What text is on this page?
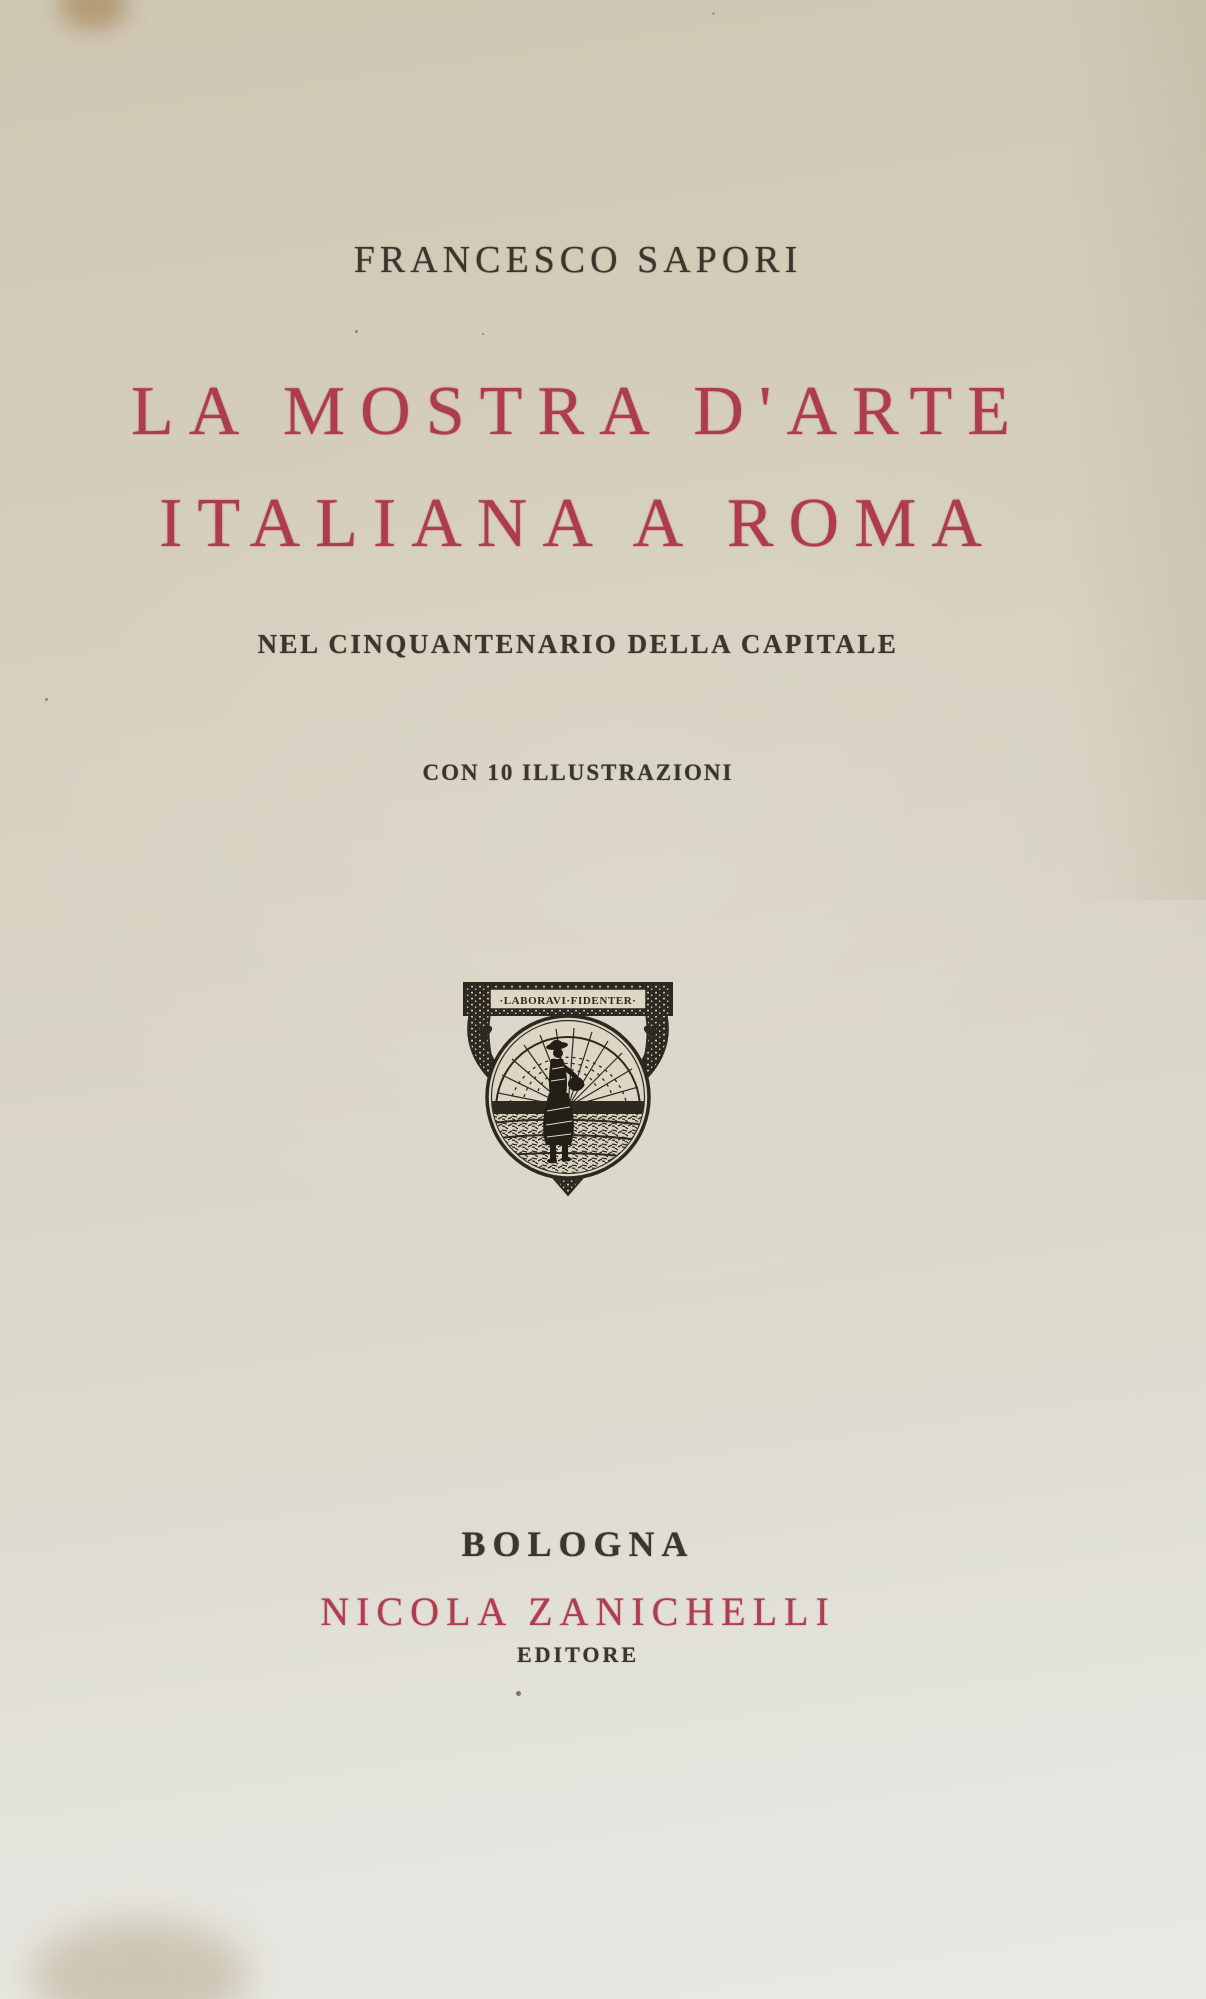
FRANCESCO SAPORI
LA MOSTRA D'ARTE
ITALIANA A ROMA
NEL CINQUANTENARIO DELLA CAPITALE
CON 10 ILLUSTRAZIONI
·LABORAVI·FIDENTER·
BOLOGNA
NICOLA ZANICHELLI
EDITORE
